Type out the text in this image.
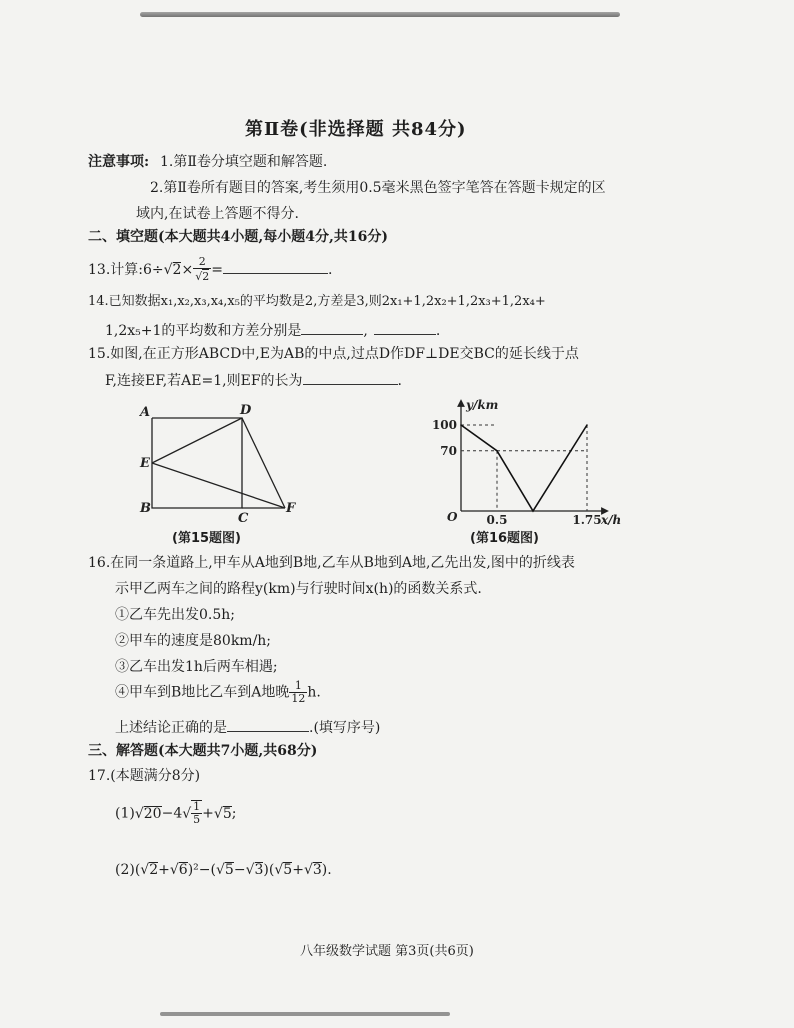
第Ⅱ卷(非选择题 共84分)
注意事项: 1.第Ⅱ卷分填空题和解答题.
2.第Ⅱ卷所有题目的答案,考生须用0.5毫米黑色签字笔答在答题卡规定的区
域内,在试卷上答题不得分.
二、填空题(本大题共4小题,每小题4分,共16分)
13.计算:6÷√2× $\frac{2}{√2}$ =	.
14.已知数据x₁,x₂,x₃,x₄,x₅的平均数是2,方差是3,则2x₁+1,2x₂+1,2x₃+1,2x₄+
1,2x₅+1的平均数和方差分别是	,	.
15.如图,在正方形ABCD中,E为AB的中点,过点D作DF⊥DE交BC的延长线于点
F,连接EF,若AE=1,则EF的长为	.
A	D
E
B
C
F
(第15题图)
y/km
O
70
100
0.5	1.75 x/h
(第16题图)
16.在同一条道路上,甲车从A地到B地,乙车从B地到A地,乙先出发,图中的折线表
示甲乙两车之间的路程y(km)与行驶时间x(h)的函数关系式.
①乙车先出发0.5h;
②甲车的速度是80km/h;
③乙车出发1h后两车相遇;
④甲车到B地比乙车到A地晚 $\frac{1}{12} h$.
上述结论正确的是	.(填写序号)
三、解答题(本大题共7小题,共68分)
17.(本题满分8分)
$(1)√20-4√ \frac{1}{5} +√5$;
(2)(√2+√6)²−(√5−√3)(√5+√3).
八年级数学试题 第3页(共6页)
